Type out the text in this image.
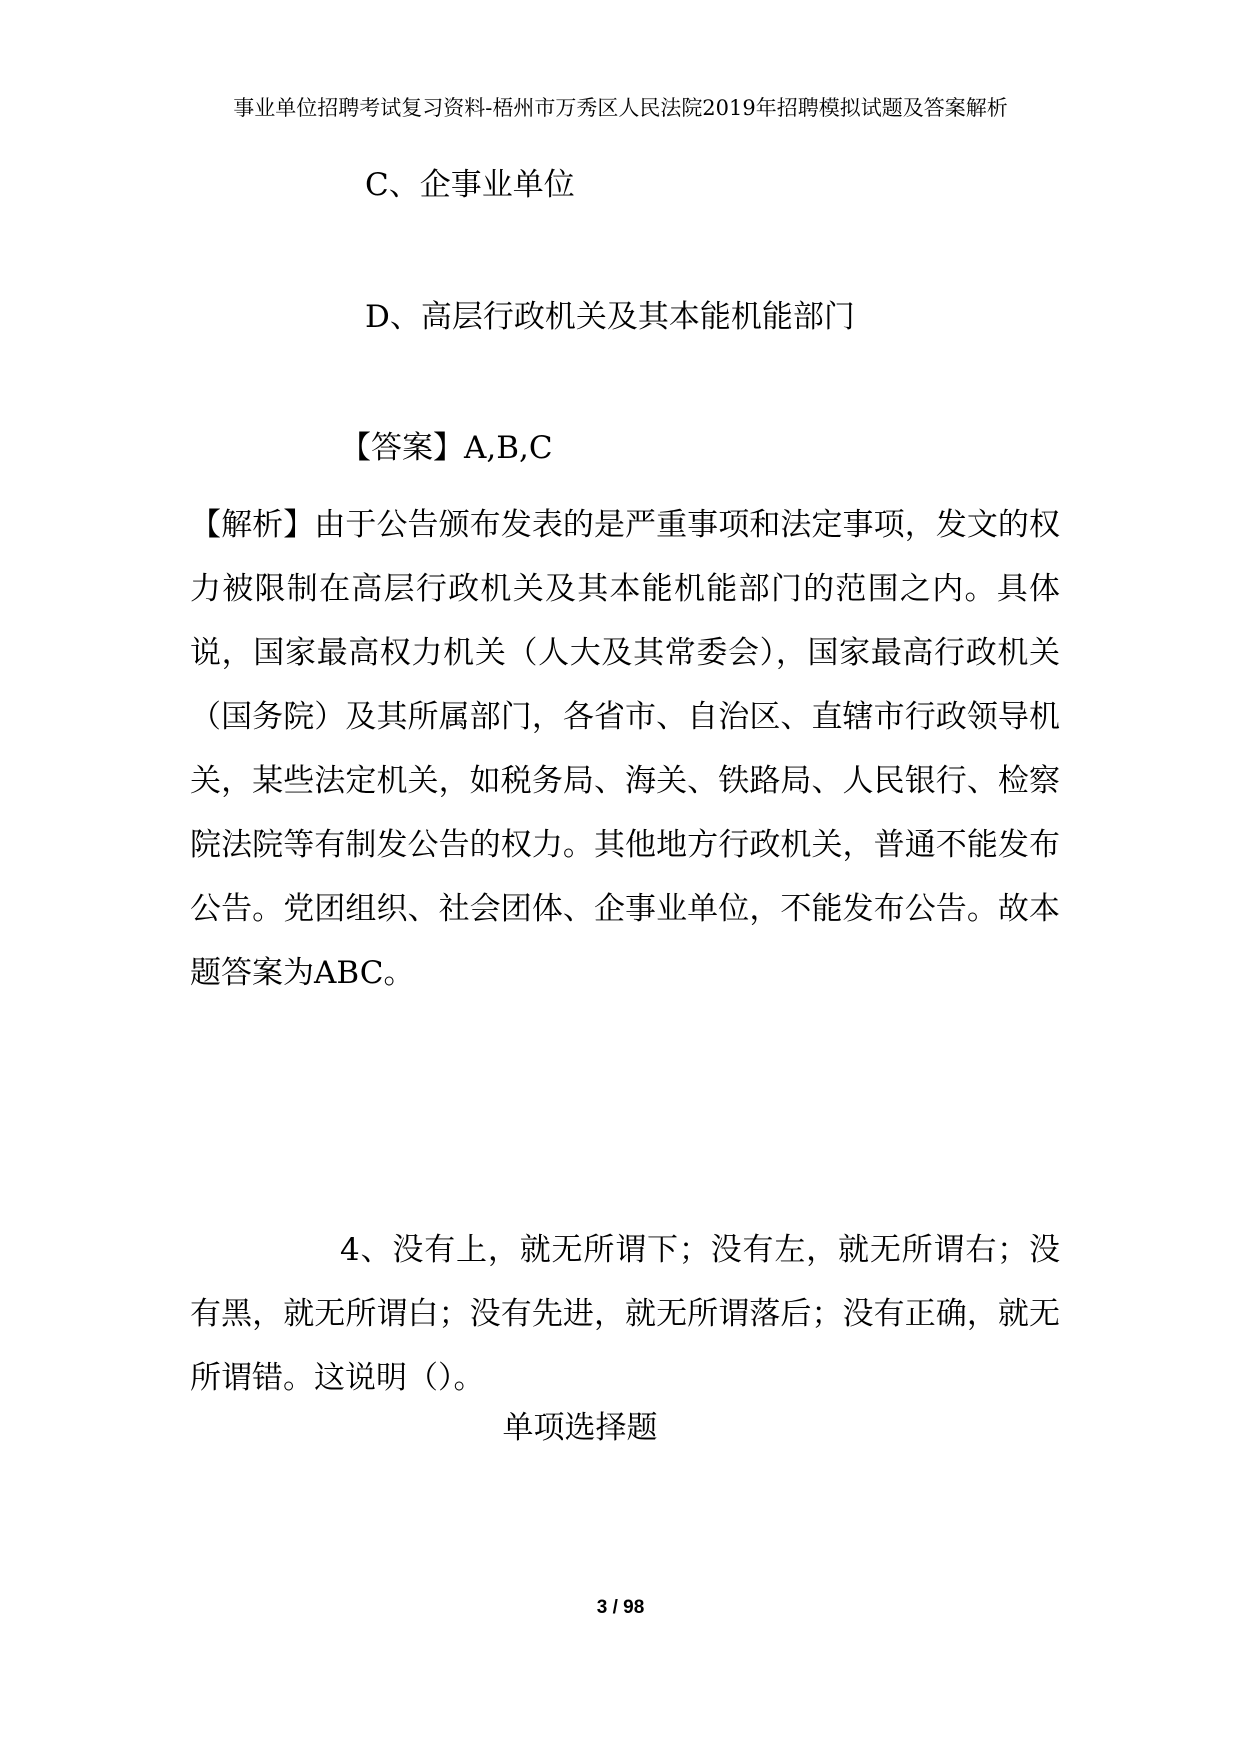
事业单位招聘考试复习资料-梧州市万秀区人民法院2019年招聘模拟试题及答案解析
C、企事业单位
D、高层行政机关及其本能机能部门
【答案】A,B,C
【解析】由于公告颁布发表的是严重事项和法定事项，发文的权力被限制在高层行政机关及其本能机能部门的范围之内。具体说，国家最高权力机关（人大及其常委会），国家最高行政机关（国务院）及其所属部门，各省市、自治区、直辖市行政领导机关，某些法定机关，如税务局、海关、铁路局、人民银行、检察院法院等有制发公告的权力。其他地方行政机关，普通不能发布公告。党团组织、社会团体、企事业单位，不能发布公告。故本题答案为ABC。
4、没有上，就无所谓下；没有左，就无所谓右；没有黑，就无所谓白；没有先进，就无所谓落后；没有正确，就无所谓错。这说明（）。
单项选择题
3 / 98
